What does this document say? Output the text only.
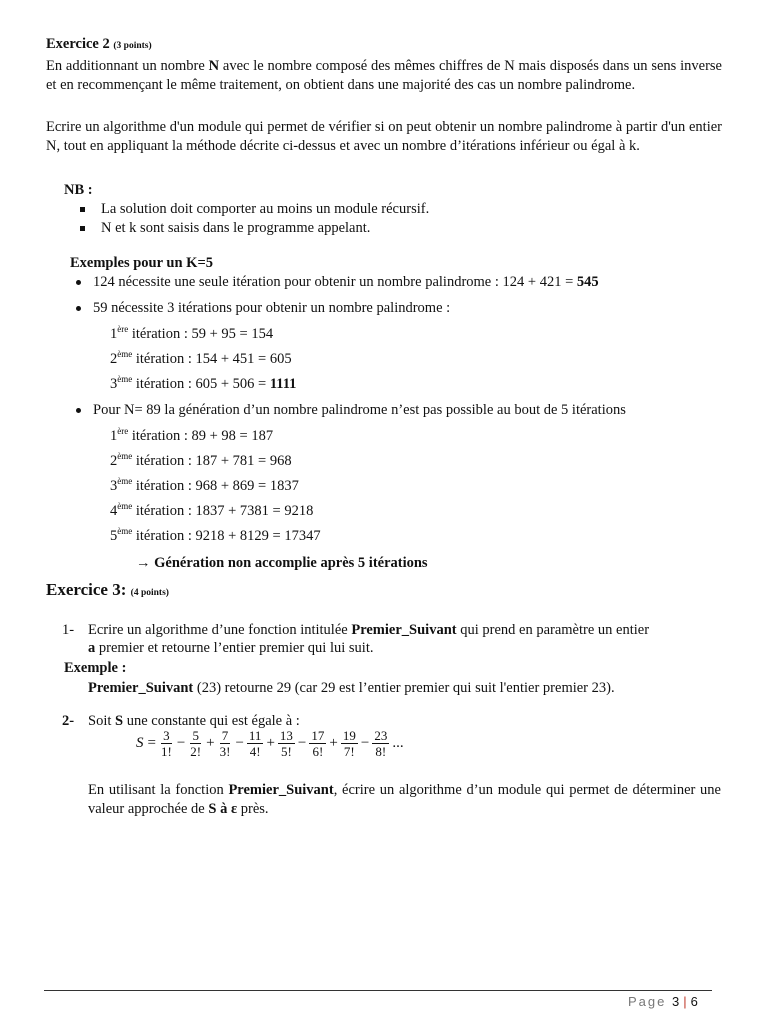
Exercice 2 (3 points)
En additionnant un nombre N avec le nombre composé des mêmes chiffres de N mais disposés dans un sens inverse et en recommençant le même traitement, on obtient dans une majorité des cas un nombre palindrome.
Ecrire un algorithme d'un module qui permet de vérifier si on peut obtenir un nombre palindrome à partir d'un entier N, tout en appliquant la méthode décrite ci-dessus et avec un nombre d’itérations inférieur ou égal à k.
NB :
La solution doit comporter au moins un module récursif.
N et k sont saisis dans le programme appelant.
Exemples pour un K=5
124 nécessite une seule itération pour obtenir un nombre palindrome : 124 + 421 = 545
59 nécessite 3 itérations pour obtenir un nombre palindrome :
1ère itération : 59 + 95 = 154
2ème itération : 154 + 451 = 605
3ème itération : 605 + 506 = 1111
Pour N= 89 la génération d’un nombre palindrome n’est pas possible au bout de 5 itérations
1ère itération : 89 + 98 = 187
2ème itération : 187 + 781 = 968
3ème itération : 968 + 869 = 1837
4ème itération : 1837 + 7381 = 9218
5ème itération : 9218 + 8129 = 17347
→ Génération non accomplie après 5 itérations
Exercice 3: (4 points)
1- Ecrire un algorithme d’une fonction intitulée Premier_Suivant qui prend en paramètre un entier
a premier et retourne l’entier premier qui lui suit.
Exemple :
Premier_Suivant (23) retourne 29 (car 29 est l’entier premier qui suit l'entier premier 23).
2- Soit S une constante qui est égale à :
$S = \frac{3}{1!} - \frac{5}{2!} + \frac{7}{3!} - \frac{11}{4!} + \frac{13}{5!} - \frac{17}{6!} + \frac{19}{7!} - \frac{23}{8!}$ ...
En utilisant la fonction Premier_Suivant, écrire un algorithme d’un module qui permet de déterminer une valeur approchée de S à ε près.
Page 3 | 6
